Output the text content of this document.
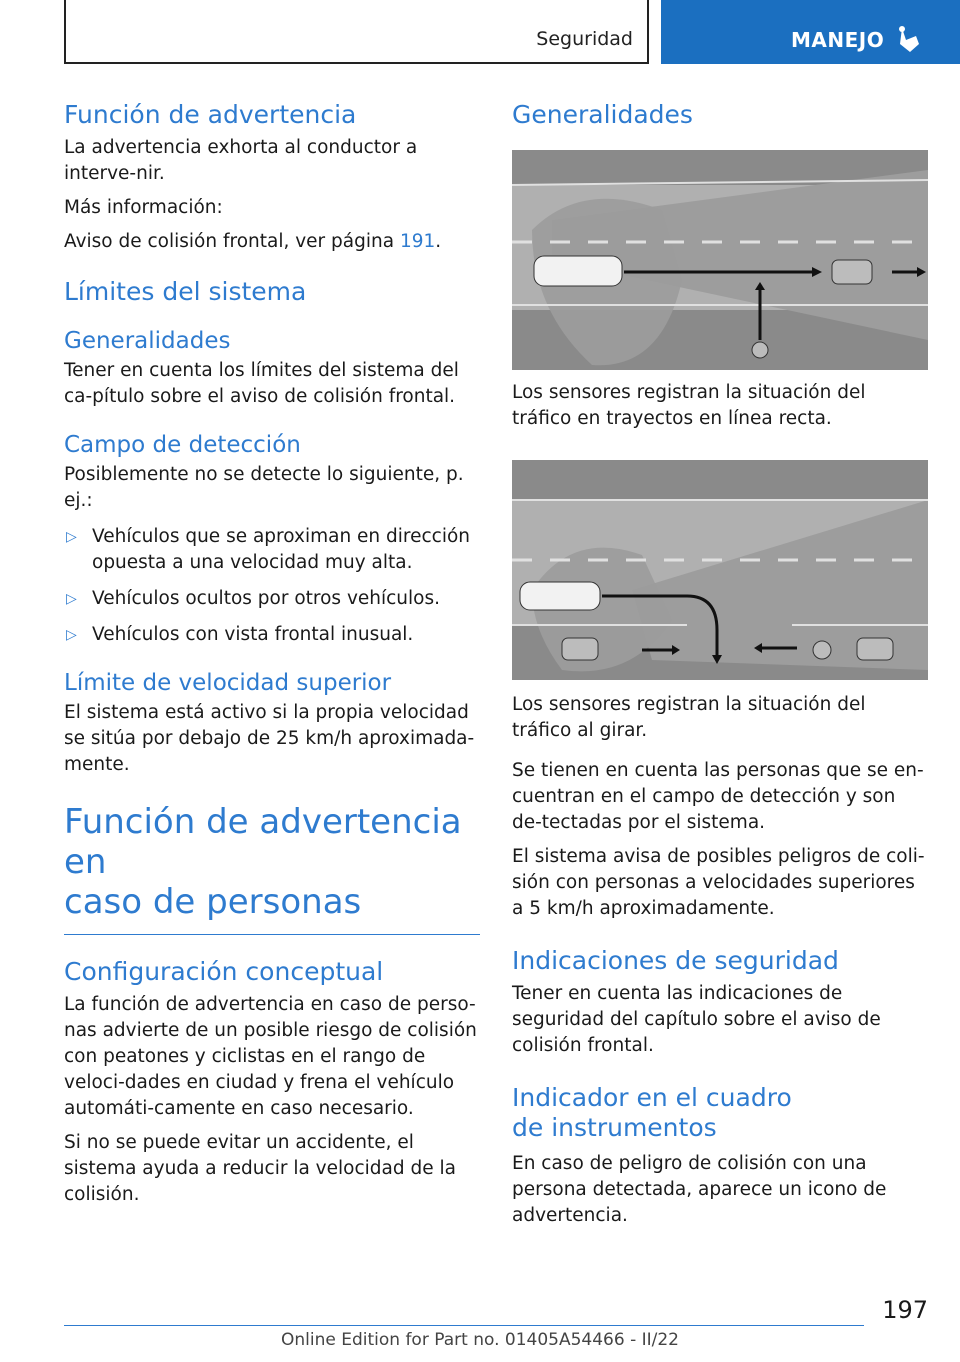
Seguridad	MANEJO
Función de advertencia

La advertencia exhorta al conductor a interve-nir.

Más información:

Aviso de colisión frontal, ver página 191.

Límites del sistema
Generalidades

Tener en cuenta los límites del sistema del ca-pítulo sobre el aviso de colisión frontal.

Campo de detección

Posiblemente no se detecte lo siguiente, p. ej.:

▷ Vehículos que se aproximan en dirección opuesta a una velocidad muy alta.
▷ Vehículos ocultos por otros vehículos.
▷ Vehículos con vista frontal inusual.
Límite de velocidad superior

El sistema está activo si la propia velocidad se sitúa por debajo de 25 km/h aproximada-mente.

Función de advertencia en
caso de personas
Configuración conceptual

La función de advertencia en caso de perso-nas advierte de un posible riesgo de colisión con peatones y ciclistas en el rango de veloci-dades en ciudad y frena el vehículo automáti-camente en caso necesario.

Si no se puede evitar un accidente, el sistema ayuda a reducir la velocidad de la colisión.

Generalidades

Los sensores registran la situación del tráfico en trayectos en línea recta.

Los sensores registran la situación del tráfico al girar.

Se tienen en cuenta las personas que se en-cuentran en el campo de detección y son de-tectadas por el sistema.

El sistema avisa de posibles peligros de coli-sión con personas a velocidades superiores a 5 km/h aproximadamente.

Indicaciones de seguridad

Tener en cuenta las indicaciones de seguridad del capítulo sobre el aviso de colisión frontal.

Indicador en el cuadro
de instrumentos

En caso de peligro de colisión con una persona detectada, aparece un icono de advertencia.

197
Online Edition for Part no. 01405A54466 - II/22
